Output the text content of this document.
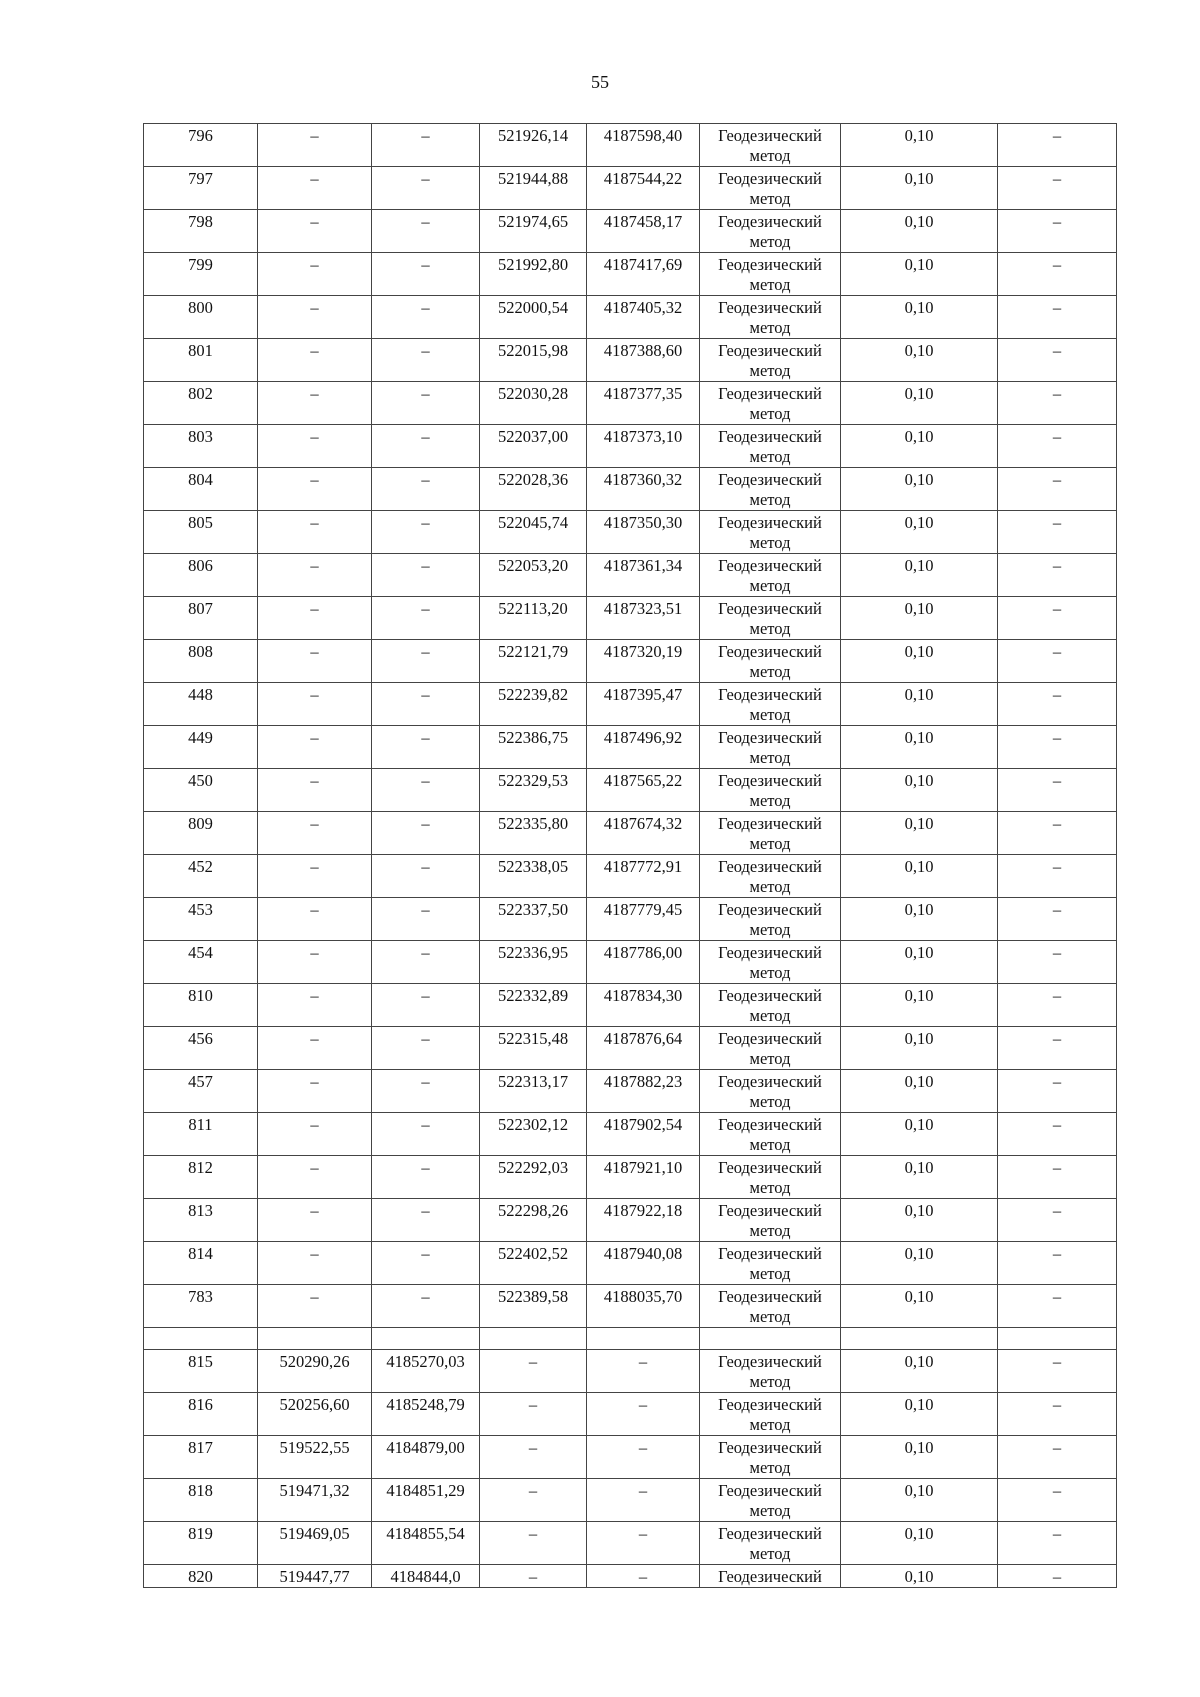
55
796	–	–	521926,14	4187598,40	Геодезический
метод	0,10	–
797	–	–	521944,88	4187544,22	Геодезический
метод	0,10	–
798	–	–	521974,65	4187458,17	Геодезический
метод	0,10	–
799	–	–	521992,80	4187417,69	Геодезический
метод	0,10	–
800	–	–	522000,54	4187405,32	Геодезический
метод	0,10	–
801	–	–	522015,98	4187388,60	Геодезический
метод	0,10	–
802	–	–	522030,28	4187377,35	Геодезический
метод	0,10	–
803	–	–	522037,00	4187373,10	Геодезический
метод	0,10	–
804	–	–	522028,36	4187360,32	Геодезический
метод	0,10	–
805	–	–	522045,74	4187350,30	Геодезический
метод	0,10	–
806	–	–	522053,20	4187361,34	Геодезический
метод	0,10	–
807	–	–	522113,20	4187323,51	Геодезический
метод	0,10	–
808	–	–	522121,79	4187320,19	Геодезический
метод	0,10	–
448	–	–	522239,82	4187395,47	Геодезический
метод	0,10	–
449	–	–	522386,75	4187496,92	Геодезический
метод	0,10	–
450	–	–	522329,53	4187565,22	Геодезический
метод	0,10	–
809	–	–	522335,80	4187674,32	Геодезический
метод	0,10	–
452	–	–	522338,05	4187772,91	Геодезический
метод	0,10	–
453	–	–	522337,50	4187779,45	Геодезический
метод	0,10	–
454	–	–	522336,95	4187786,00	Геодезический
метод	0,10	–
810	–	–	522332,89	4187834,30	Геодезический
метод	0,10	–
456	–	–	522315,48	4187876,64	Геодезический
метод	0,10	–
457	–	–	522313,17	4187882,23	Геодезический
метод	0,10	–
811	–	–	522302,12	4187902,54	Геодезический
метод	0,10	–
812	–	–	522292,03	4187921,10	Геодезический
метод	0,10	–
813	–	–	522298,26	4187922,18	Геодезический
метод	0,10	–
814	–	–	522402,52	4187940,08	Геодезический
метод	0,10	–
783	–	–	522389,58	4188035,70	Геодезический
метод	0,10	–

815	520290,26	4185270,03	–	–	Геодезический
метод	0,10	–
816	520256,60	4185248,79	–	–	Геодезический
метод	0,10	–
817	519522,55	4184879,00	–	–	Геодезический
метод	0,10	–
818	519471,32	4184851,29	–	–	Геодезический
метод	0,10	–
819	519469,05	4184855,54	–	–	Геодезический
метод	0,10	–
820	519447,77	4184844,0	–	–	Геодезический	0,10	–
